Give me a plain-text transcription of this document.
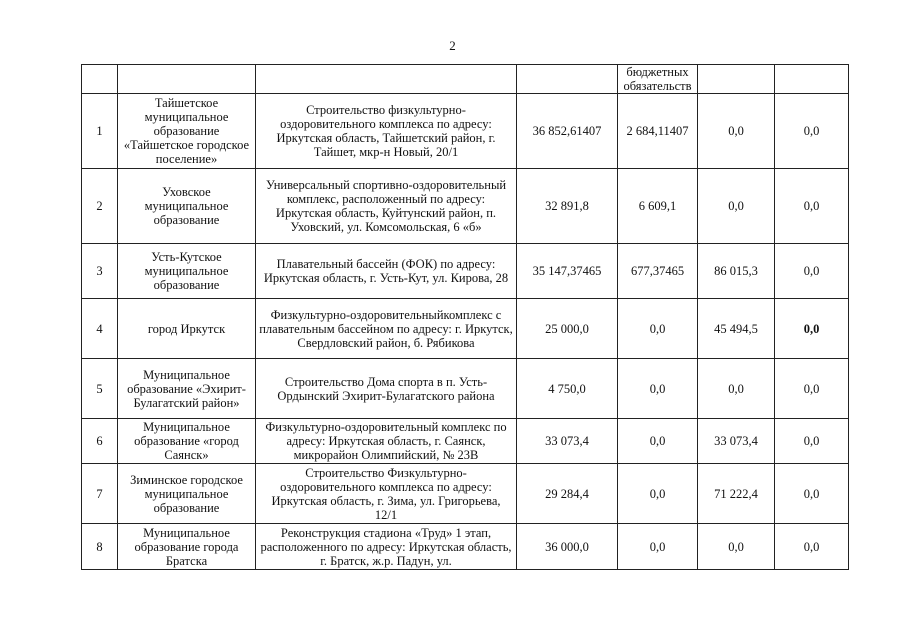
2
				бюджетных обязательств		
1	Тайшетское муниципальное образование «Тайшетское городское поселение»	Строительство физкультурно-оздоровительного комплекса по адресу: Иркутская область, Тайшетский район, г. Тайшет, мкр-н Новый, 20/1	36 852,61407	2 684,11407	0,0	0,0
2	Уховское муниципальное образование	Универсальный спортивно-оздоровительный комплекс, расположенный по адресу: Иркутская область, Куйтунский район, п. Уховский, ул. Комсомольская, 6 «б»	32 891,8	6 609,1	0,0	0,0
3	Усть-Кутское муниципальное образование	Плавательный бассейн (ФОК) по адресу: Иркутская область, г. Усть-Кут, ул. Кирова, 28	35 147,37465	677,37465	86 015,3	0,0
4	город Иркутск	Физкультурно-оздоровительныйкомплекс с плавательным бассейном по адресу: г. Иркутск, Свердловский район, б. Рябикова	25 000,0	0,0	45 494,5	0,0
5	Муниципальное образование «Эхирит-Булагатский район»	Строительство Дома спорта в п. Усть-Ордынский Эхирит-Булагатского района	4 750,0	0,0	0,0	0,0
6	Муниципальное образование «город Саянск»	Физкультурно-оздоровительный комплекс по адресу: Иркутская область, г. Саянск, микрорайон Олимпийский, № 23В	33 073,4	0,0	33 073,4	0,0
7	Зиминское городское муниципальное образование	Строительство Физкультурно-оздоровительного комплекса по адресу: Иркутская область, г. Зима, ул. Григорьева, 12/1	29 284,4	0,0	71 222,4	0,0
8	Муниципальное образование города Братска	Реконструкция стадиона «Труд» 1 этап, расположенного по адресу: Иркутская область, г. Братск, ж.р. Падун, ул.	36 000,0	0,0	0,0	0,0
